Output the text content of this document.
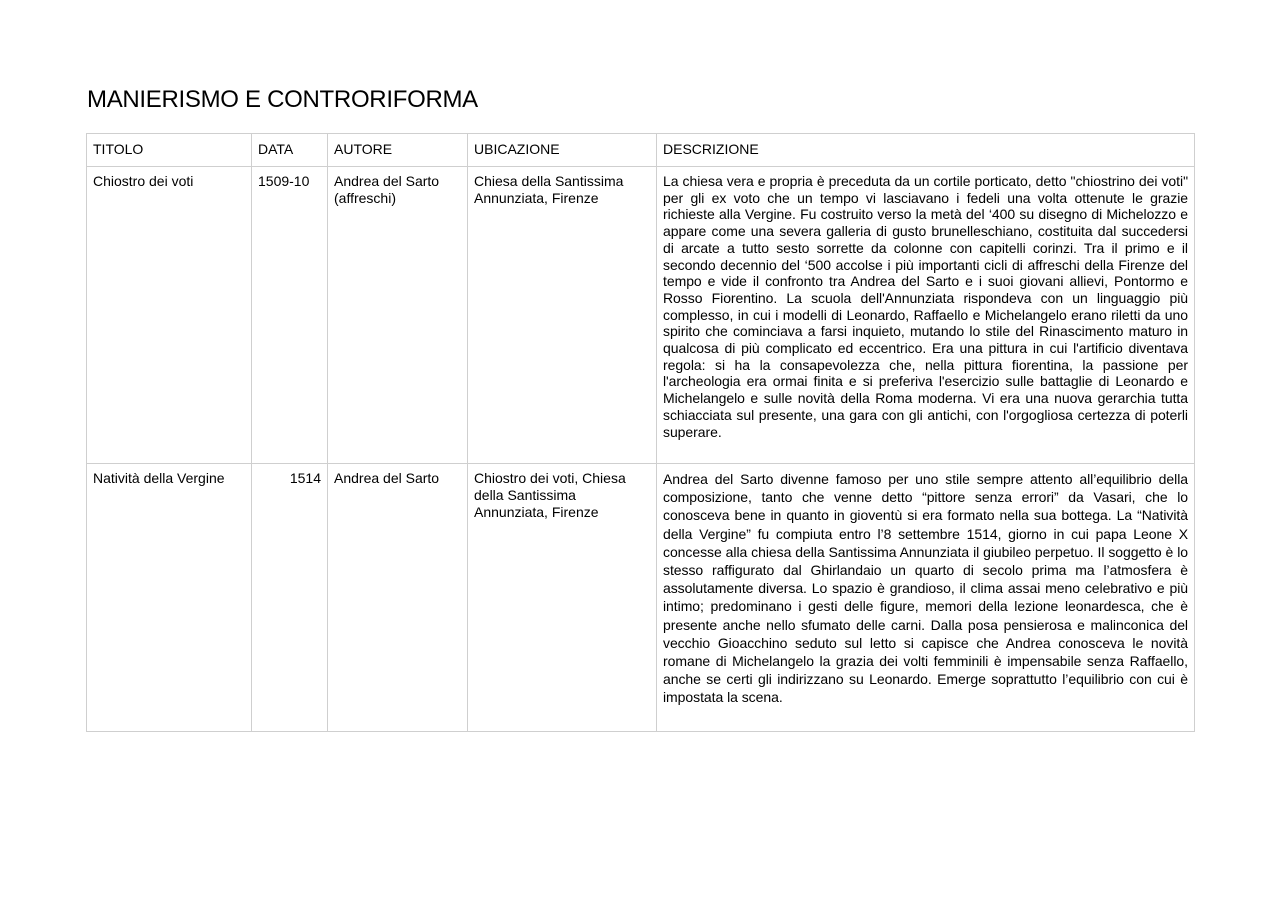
MANIERISMO E CONTRORIFORMA
TITOLO	DATA	AUTORE	UBICAZIONE	DESCRIZIONE
Chiostro dei voti	1509-10	Andrea del Sarto (affreschi)	Chiesa della Santissima Annunziata, Firenze	La chiesa vera e propria è preceduta da un cortile porticato, detto "chiostrino dei voti" per gli ex voto che un tempo vi lasciavano i fedeli una volta ottenute le grazie richieste alla Vergine. Fu costruito verso la metà del ‘400 su disegno di Michelozzo e appare come una severa galleria di gusto brunelleschiano, costituita dal succedersi di arcate a tutto sesto sorrette da colonne con capitelli corinzi. Tra il primo e il secondo decennio del ‘500 accolse i più importanti cicli di affreschi della Firenze del tempo e vide il confronto tra Andrea del Sarto e i suoi giovani allievi, Pontormo e Rosso Fiorentino. La scuola dell'Annunziata rispondeva con un linguaggio più complesso, in cui i modelli di Leonardo, Raffaello e Michelangelo erano riletti da uno spirito che cominciava a farsi inquieto, mutando lo stile del Rinascimento maturo in qualcosa di più complicato ed eccentrico. Era una pittura in cui l'artificio diventava regola: si ha la consapevolezza che, nella pittura fiorentina, la passione per l'archeologia era ormai finita e si preferiva l'esercizio sulle battaglie di Leonardo e Michelangelo e sulle novità della Roma moderna. Vi era una nuova gerarchia tutta schiacciata sul presente, una gara con gli antichi, con l'orgogliosa certezza di poterli superare.
Natività della Vergine	1514	Andrea del Sarto	Chiostro dei voti, Chiesa della Santissima Annunziata, Firenze	Andrea del Sarto divenne famoso per uno stile sempre attento all’equilibrio della composizione, tanto che venne detto “pittore senza errori” da Vasari, che lo conosceva bene in quanto in gioventù si era formato nella sua bottega. La “Natività della Vergine” fu compiuta entro l’8 settembre 1514, giorno in cui papa Leone X concesse alla chiesa della Santissima Annunziata il giubileo perpetuo. Il soggetto è lo stesso raffigurato dal Ghirlandaio un quarto di secolo prima ma l’atmosfera è assolutamente diversa. Lo spazio è grandioso, il clima assai meno celebrativo e più intimo; predominano i gesti delle figure, memori della lezione leonardesca, che è presente anche nello sfumato delle carni. Dalla posa pensierosa e malinconica del vecchio Gioacchino seduto sul letto si capisce che Andrea conosceva le novità romane di Michelangelo la grazia dei volti femminili è impensabile senza Raffaello, anche se certi gli indirizzano su Leonardo. Emerge soprattutto l’equilibrio con cui è impostata la scena.
